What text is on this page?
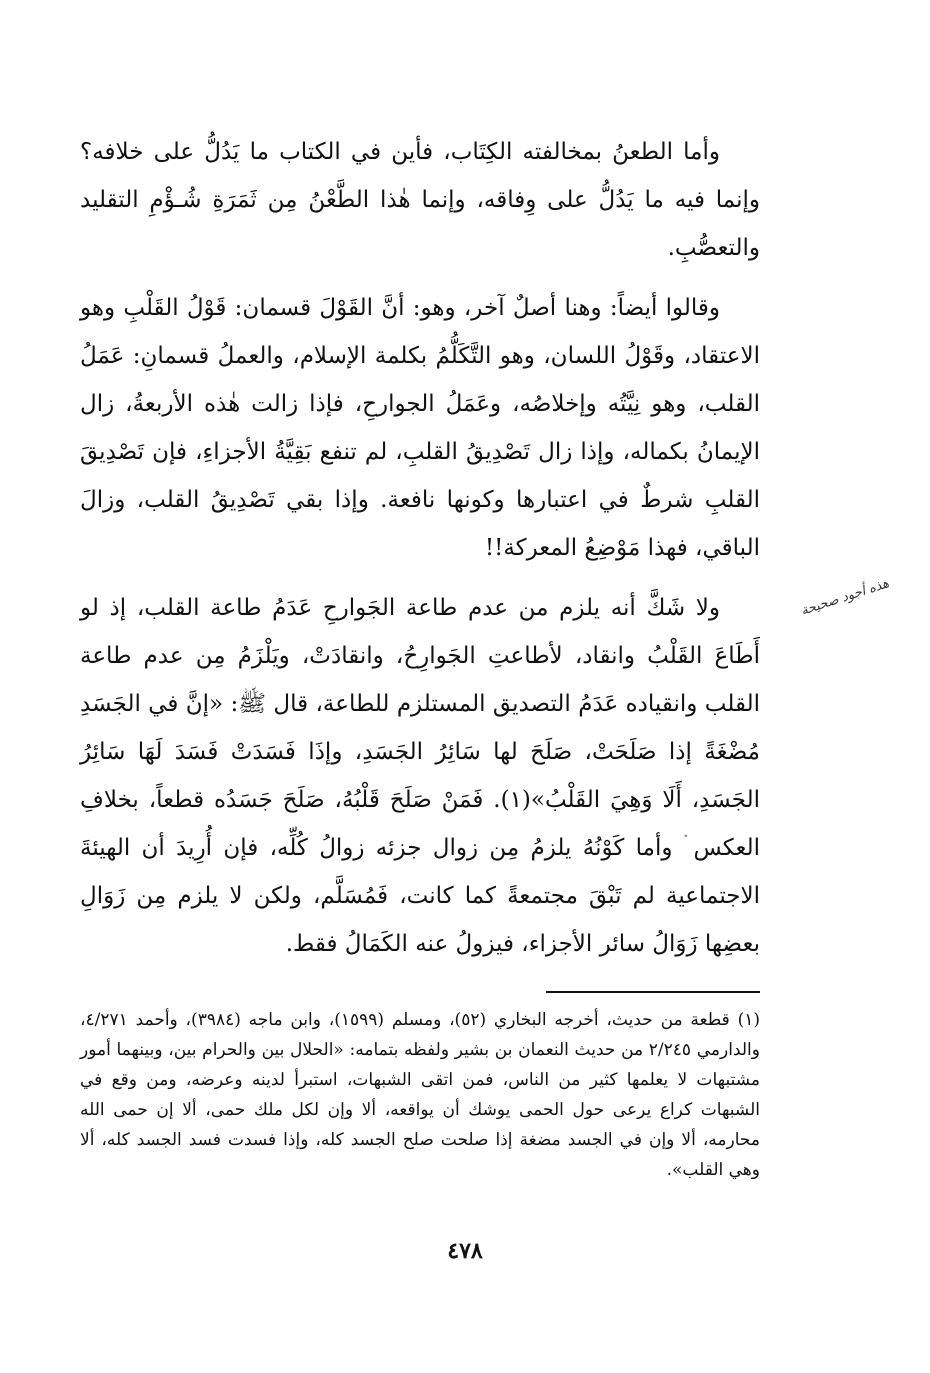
وأما الطعنُ بمخالفته الكِتَاب، فأين في الكتاب ما يَدُلُّ على خلافه؟ وإنما فيه ما يَدُلُّ على وِفاقه، وإنما هٰذا الطَّعْنُ مِن ثَمَرَةِ شُـؤْمِ التقليد والتعصُّبِ.

وقالوا أيضاً: وهنا أصلٌ آخر، وهو: أنَّ القَوْلَ قسمان: قَوْلُ القَلْبِ وهو الاعتقاد، وقَوْلُ اللسان، وهو التَّكَلُّمُ بكلمة الإسلام، والعملُ قسمانِ: عَمَلُ القلب، وهو نِيَّتُه وإخلاصُه، وعَمَلُ الجوارحِ، فإذا زالت هٰذه الأربعةُ، زال الإيمانُ بكماله، وإذا زال تَصْدِيقُ القلبِ، لم تنفع بَقِيَّةُ الأجزاءِ، فإن تَصْدِيقَ القلبِ شرطٌ في اعتبارها وكونها نافعة. وإذا بقي تَصْدِيقُ القلب، وزالَ الباقي، فهذا مَوْضِعُ المعركة!!

ولا شَكَّ أنه يلزم من عدم طاعة الجَوارحِ عَدَمُ طاعة القلب، إذ لو أَطَاعَ القَلْبُ وانقاد، لأطاعتِ الجَوارِحُ، وانقادَتْ، ويَلْزَمُ مِن عدم طاعة القلب وانقياده عَدَمُ التصديق المستلزم للطاعة، قال ﷺ: «إنَّ في الجَسَدِ مُضْغَةً إذا صَلَحَتْ، صَلَحَ لها سَائِرُ الجَسَدِ، وإذَا فَسَدَتْ فَسَدَ لَهَا سَائِرُ الجَسَدِ، أَلَا وَهِيَ القَلْبُ»(١). فَمَنْ صَلَحَ قَلْبُهُ، صَلَحَ جَسَدُه قطعاً، بخلافِ العكس ۛ وأما كَوْنُهُ يلزمُ مِن زوال جزئه زوالُ كُلِّه، فإن أُرِيدَ أن الهيئةَ الاجتماعية لم تَبْقَ مجتمعةً كما كانت، فَمُسَلَّم، ولكن لا يلزم مِن زَوَالِ بعضِها زَوَالُ سائر الأجزاء، فيزولُ عنه الكَمَالُ فقط.

هذه أجود صحيحة

(١) قطعة من حديث، أخرجه البخاري (٥٢)، ومسلم (١٥٩٩)، وابن ماجه (٣٩٨٤)، وأحمد ٤/٢٧١، والدارمي ٢/٢٤٥ من حديث النعمان بن بشير ولفظه بتمامه: «الحلال بين والحرام بين، وبينهما أمور مشتبهات لا يعلمها كثير من الناس، فمن اتقى الشبهات، استبرأ لدينه وعرضه، ومن وقع في الشبهات كراع يرعى حول الحمى يوشك أن يواقعه، ألا وإن لكل ملك حمى، ألا إن حمى الله محارمه، ألا وإن في الجسد مضغة إذا صلحت صلح الجسد كله، وإذا فسدت فسد الجسد كله، ألا وهي القلب».

٤٧٨
